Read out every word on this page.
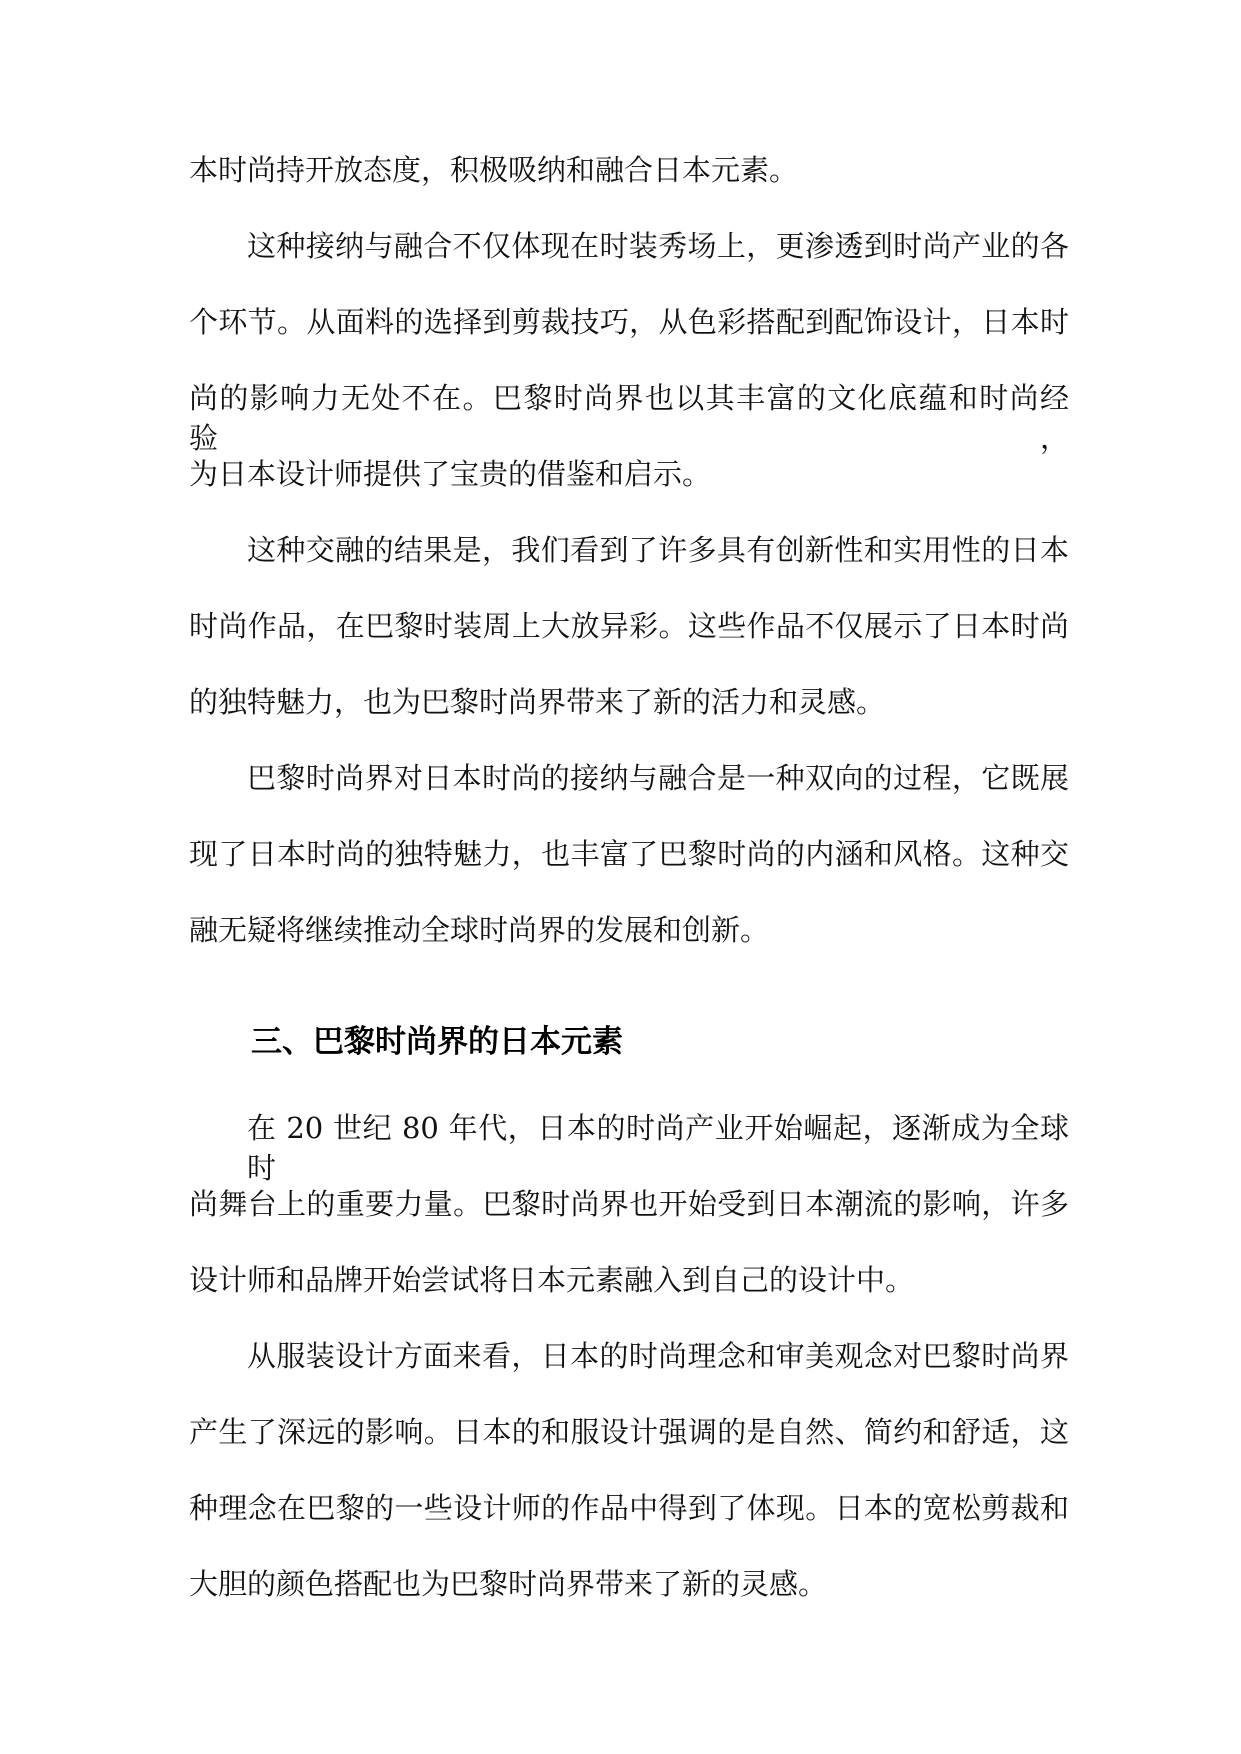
本时尚持开放态度，积极吸纳和融合日本元素。

这种接纳与融合不仅体现在时装秀场上，更渗透到时尚产业的各

个环节。从面料的选择到剪裁技巧，从色彩搭配到配饰设计，日本时

尚的影响力无处不在。巴黎时尚界也以其丰富的文化底蕴和时尚经验，

为日本设计师提供了宝贵的借鉴和启示。

这种交融的结果是，我们看到了许多具有创新性和实用性的日本

时尚作品，在巴黎时装周上大放异彩。这些作品不仅展示了日本时尚

的独特魅力，也为巴黎时尚界带来了新的活力和灵感。

巴黎时尚界对日本时尚的接纳与融合是一种双向的过程，它既展

现了日本时尚的独特魅力，也丰富了巴黎时尚的内涵和风格。这种交

融无疑将继续推动全球时尚界的发展和创新。

三、巴黎时尚界的日本元素

在 20 世纪 80 年代，日本的时尚产业开始崛起，逐渐成为全球时

尚舞台上的重要力量。巴黎时尚界也开始受到日本潮流的影响，许多

设计师和品牌开始尝试将日本元素融入到自己的设计中。

从服装设计方面来看，日本的时尚理念和审美观念对巴黎时尚界

产生了深远的影响。日本的和服设计强调的是自然、简约和舒适，这

种理念在巴黎的一些设计师的作品中得到了体现。日本的宽松剪裁和

大胆的颜色搭配也为巴黎时尚界带来了新的灵感。
